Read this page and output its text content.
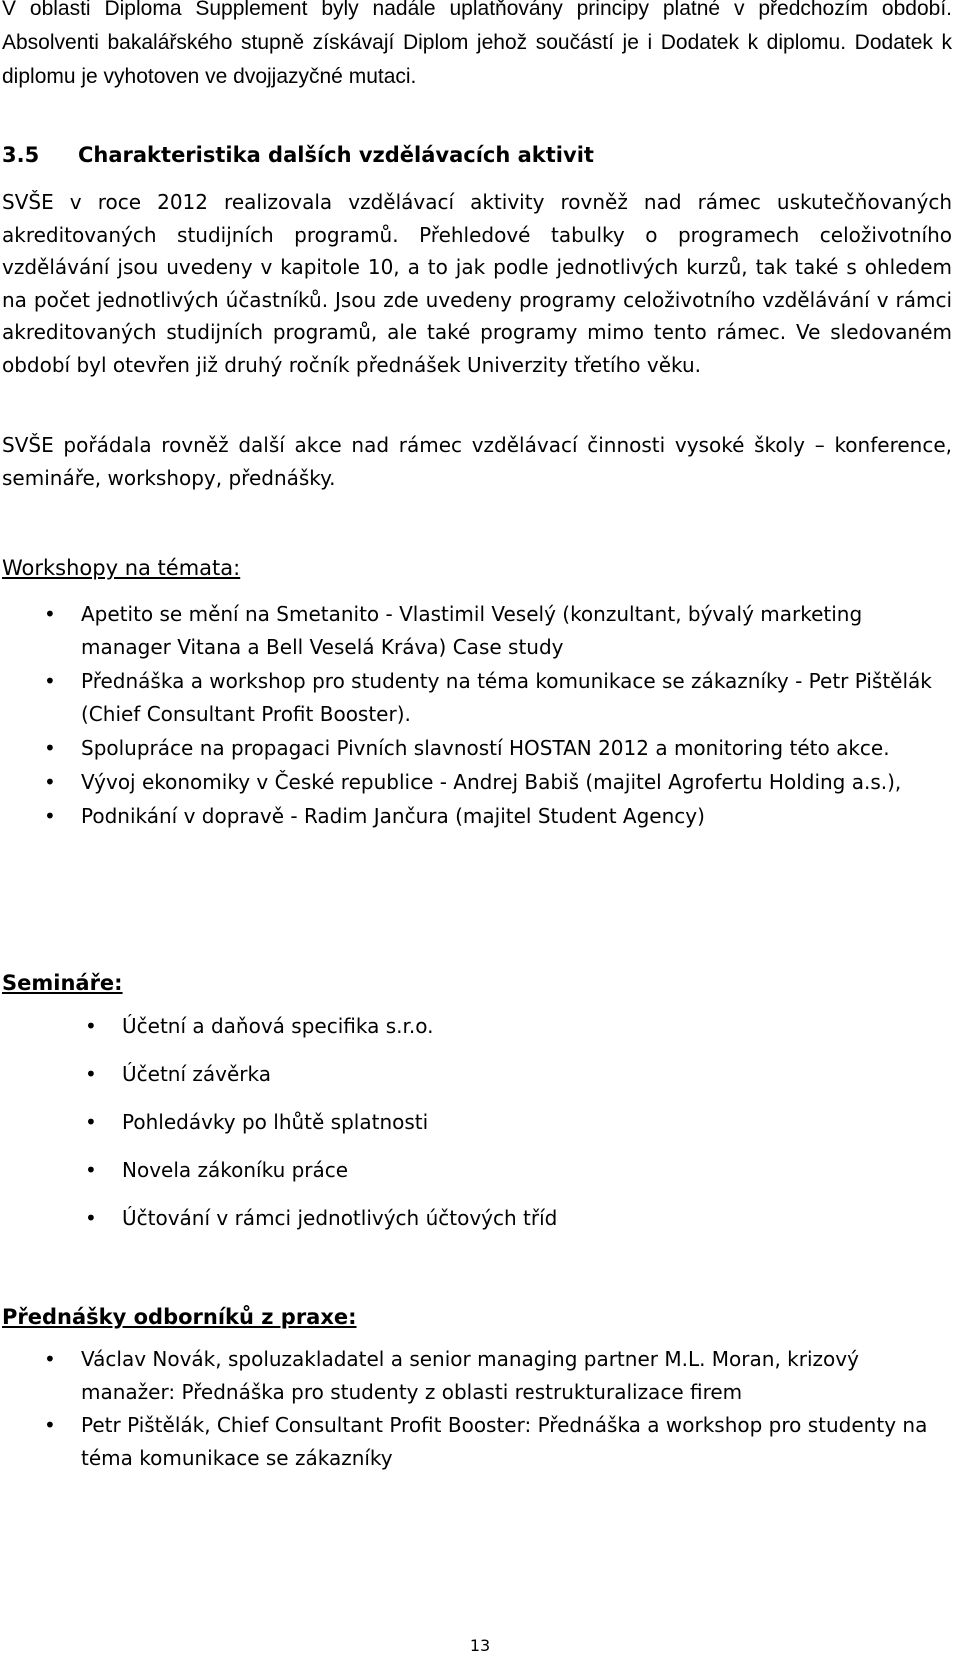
V oblasti Diploma Supplement byly nadále uplatňovány principy platné v předchozím období. Absolventi bakalářského stupně získávají Diplom jehož součástí je i Dodatek k diplomu. Dodatek k diplomu je vyhotoven ve dvojjazyčné mutaci.

3.5 Charakteristika dalších vzdělávacích aktivit

SVŠE v roce 2012 realizovala vzdělávací aktivity rovněž nad rámec uskutečňovaných akreditovaných studijních programů. Přehledové tabulky o programech celoživotního vzdělávání jsou uvedeny v kapitole 10, a to jak podle jednotlivých kurzů, tak také s ohledem na počet jednotlivých účastníků. Jsou zde uvedeny programy celoživotního vzdělávání v rámci akreditovaných studijních programů, ale také programy mimo tento rámec. Ve sledovaném období byl otevřen již druhý ročník přednášek Univerzity třetího věku.

SVŠE pořádala rovněž další akce nad rámec vzdělávací činnosti vysoké školy – konference, semináře, workshopy, přednášky.

Workshopy na témata:
• Apetito se mění na Smetanito - Vlastimil Veselý (konzultant, bývalý marketing manager Vitana a Bell Veselá Kráva) Case study
• Přednáška a workshop pro studenty na téma komunikace se zákazníky - Petr Pištělák (Chief Consultant Profit Booster).
• Spolupráce na propagaci Pivních slavností HOSTAN 2012 a monitoring této akce.
• Vývoj ekonomiky v České republice - Andrej Babiš (majitel Agrofertu Holding a.s.),
• Podnikání v dopravě - Radim Jančura (majitel Student Agency)
Semináře:
• Účetní a daňová specifika s.r.o.
• Účetní závěrka
• Pohledávky po lhůtě splatnosti
• Novela zákoníku práce
• Účtování v rámci jednotlivých účtových tříd
Přednášky odborníků z praxe:
• Václav Novák, spoluzakladatel a senior managing partner M.L. Moran, krizový manažer: Přednáška pro studenty z oblasti restrukturalizace firem
• Petr Pištělák, Chief Consultant Profit Booster: Přednáška a workshop pro studenty na téma komunikace se zákazníky
13
